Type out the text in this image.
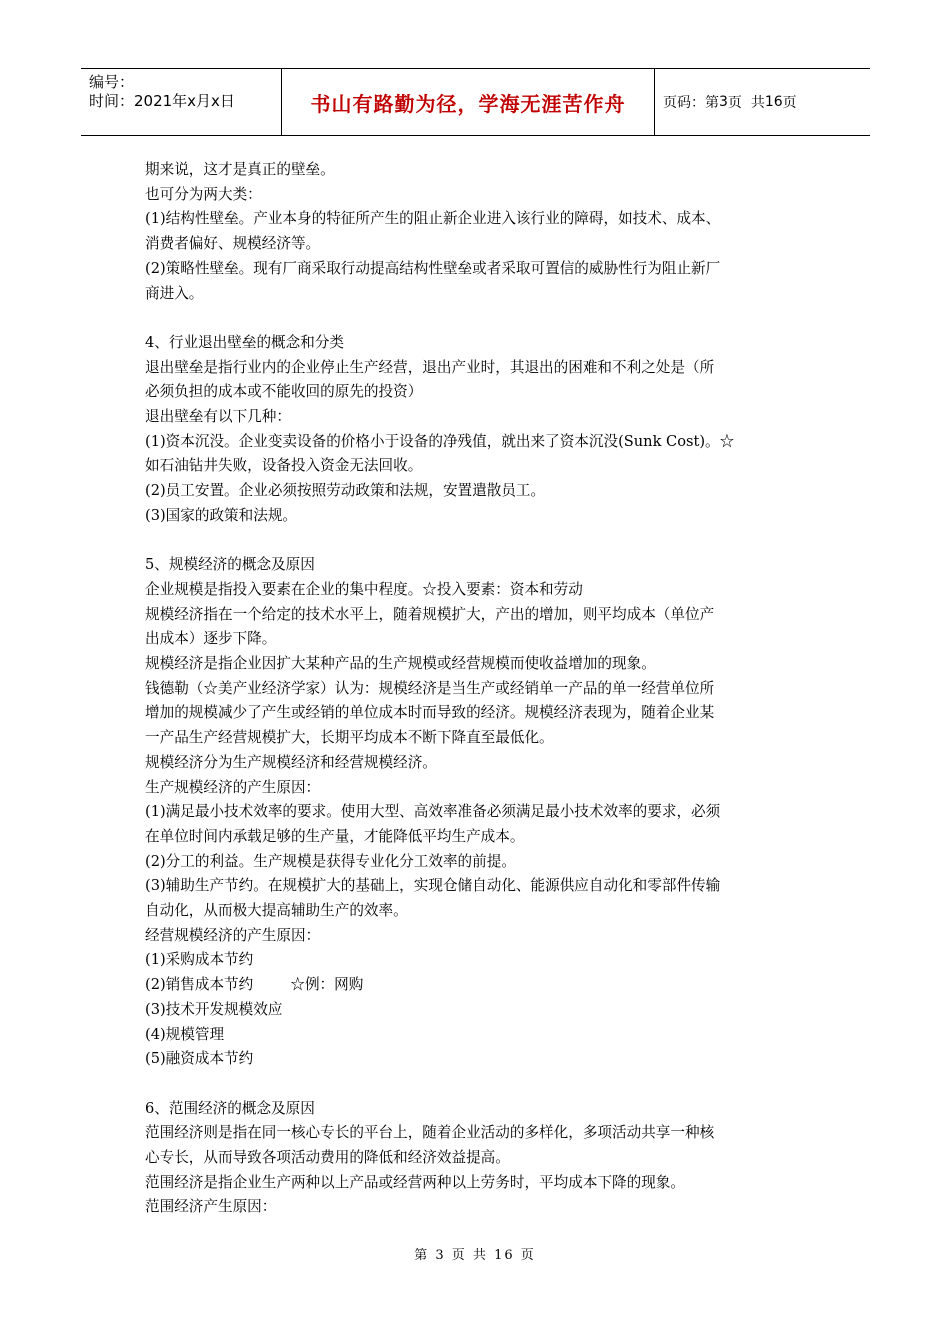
编号：
时间：2021年x月x日	书山有路勤为径，学海无涯苦作舟	页码：第 3 页  共 16 页

期来说，这才是真正的壁垒。

也可分为两大类：

(1)结构性壁垒。产业本身的特征所产生的阻止新企业进入该行业的障碍，如技术、成本、

消费者偏好、规模经济等。

(2)策略性壁垒。现有厂商采取行动提高结构性壁垒或者采取可置信的威胁性行为阻止新厂

商进入。

4、行业退出壁垒的概念和分类

退出壁垒是指行业内的企业停止生产经营，退出产业时，其退出的困难和不利之处是（所

必须负担的成本或不能收回的原先的投资）

退出壁垒有以下几种：

(1)资本沉没。企业变卖设备的价格小于设备的净残值，就出来了资本沉没(Sunk Cost)。☆

如石油钻井失败，设备投入资金无法回收。

(2)员工安置。企业必须按照劳动政策和法规，安置遣散员工。

(3)国家的政策和法规。

5、规模经济的概念及原因

企业规模是指投入要素在企业的集中程度。☆投入要素：资本和劳动

规模经济指在一个给定的技术水平上，随着规模扩大，产出的增加，则平均成本（单位产

出成本）逐步下降。

规模经济是指企业因扩大某种产品的生产规模或经营规模而使收益增加的现象。

钱德勒（☆美产业经济学家）认为：规模经济是当生产或经销单一产品的单一经营单位所

增加的规模减少了产生或经销的单位成本时而导致的经济。规模经济表现为，随着企业某

一产品生产经营规模扩大，长期平均成本不断下降直至最低化。

规模经济分为生产规模经济和经营规模经济。

生产规模经济的产生原因：

(1)满足最小技术效率的要求。使用大型、高效率准备必须满足最小技术效率的要求，必须

在单位时间内承载足够的生产量，才能降低平均生产成本。

(2)分工的利益。生产规模是获得专业化分工效率的前提。

(3)辅助生产节约。在规模扩大的基础上，实现仓储自动化、能源供应自动化和零部件传输

自动化，从而极大提高辅助生产的效率。

经营规模经济的产生原因：

(1)采购成本节约

(2)销售成本节约        ☆例：网购

(3)技术开发规模效应

(4)规模管理

(5)融资成本节约

6、范围经济的概念及原因

范围经济则是指在同一核心专长的平台上，随着企业活动的多样化，多项活动共享一种核

心专长，从而导致各项活动费用的降低和经济效益提高。

范围经济是指企业生产两种以上产品或经营两种以上劳务时，平均成本下降的现象。

范围经济产生原因：

第 3 页 共 16 页
